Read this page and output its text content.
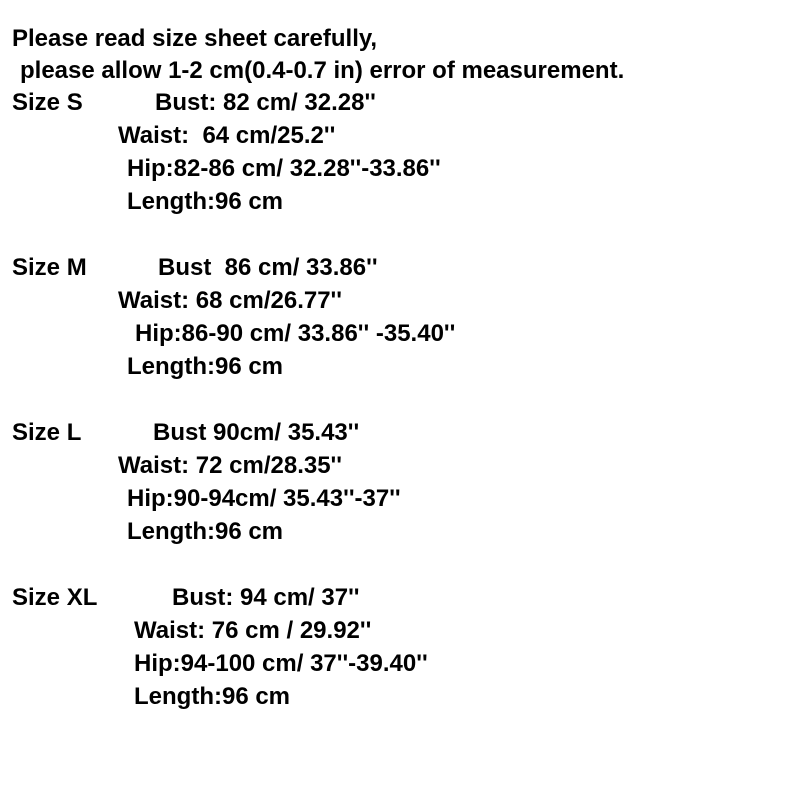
Please read size sheet carefully,
please allow 1-2 cm(0.4-0.7 in) error of measurement.
Size S	Bust: 82 cm/ 32.28''
Waist:  64 cm/25.2''
Hip:82-86 cm/ 32.28''-33.86''
Length:96 cm
Size M	Bust  86 cm/ 33.86''
Waist: 68 cm/26.77''
Hip:86-90 cm/ 33.86'' -35.40''
Length:96 cm
Size L	Bust 90cm/ 35.43''
Waist: 72 cm/28.35''
Hip:90-94cm/ 35.43''-37''
Length:96 cm
Size XL	Bust: 94 cm/ 37''
Waist: 76 cm / 29.92''
Hip:94-100 cm/ 37''-39.40''
Length:96 cm
